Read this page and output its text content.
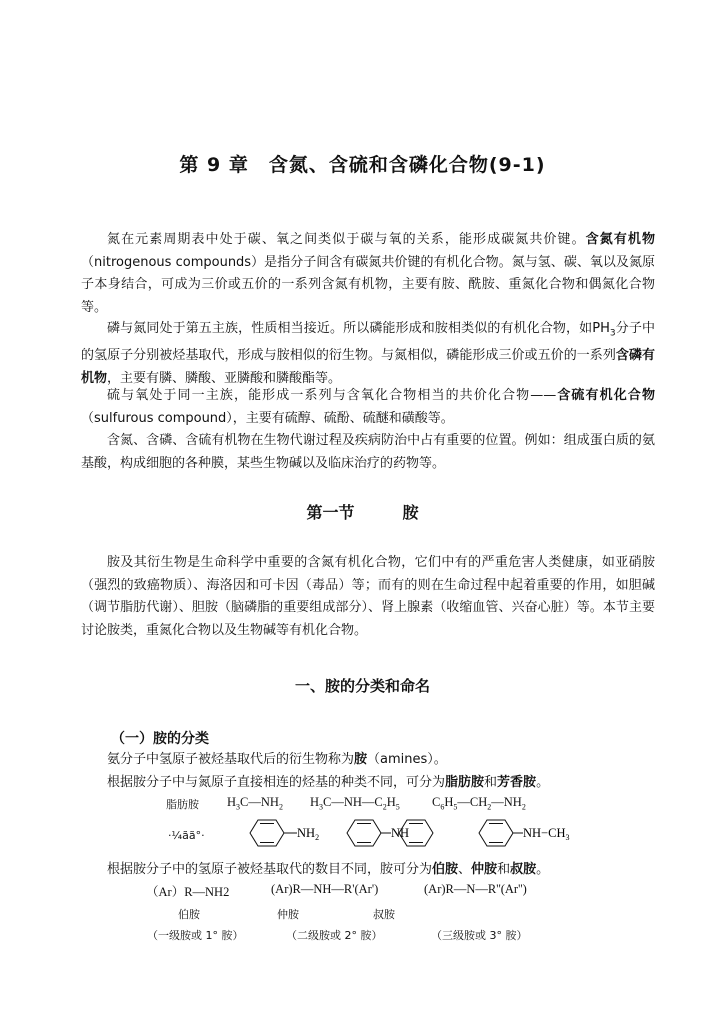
第 9 章　含氮、含硫和含磷化合物(9-1)

氮在元素周期表中处于碳、氧之间类似于碳与氧的关系，能形成碳氮共价键。含氮有机物（nitrogenous compounds）是指分子间含有碳氮共价键的有机化合物。氮与氢、碳、氧以及氮原子本身结合，可成为三价或五价的一系列含氮有机物，主要有胺、酰胺、重氮化合物和偶氮化合物等。

磷与氮同处于第五主族，性质相当接近。所以磷能形成和胺相类似的有机化合物，如$PH_3$分子中的氢原子分别被烃基取代，形成与胺相似的衍生物。与氮相似，磷能形成三价或五价的一系列含磷有机物，主要有膦、膦酸、亚膦酸和膦酸酯等。

硫与氧处于同一主族，能形成一系列与含氧化合物相当的共价化合物——含硫有机化合物（sulfurous compound），主要有硫醇、硫酚、硫醚和磺酸等。

含氮、含磷、含硫有机物在生物代谢过程及疾病防治中占有重要的位置。例如：组成蛋白质的氨基酸，构成细胞的各种膜，某些生物碱以及临床治疗的药物等。

第一节　　　胺

胺及其衍生物是生命科学中重要的含氮有机化合物，它们中有的严重危害人类健康，如亚硝胺（强烈的致癌物质）、海洛因和可卡因（毒品）等；而有的则在生命过程中起着重要的作用，如胆碱（调节脂肪代谢）、胆胺（脑磷脂的重要组成部分）、肾上腺素（收缩血管、兴奋心脏）等。本节主要讨论胺类，重氮化合物以及生物碱等有机化合物。

一、胺的分类和命名
（一）胺的分类
氨分子中氢原子被烃基取代后的衍生物称为胺（amines）。
根据胺分子中与氮原子直接相连的烃基的种类不同，可分为脂肪胺和芳香胺。
脂肪胺 $H_3C—NH_2$ $H_3C—NH—C_2H_5$	$C_6H_5—CH_2—NH_2$
·¼ãã°·	$NH_2$	NH	$NH-CH_3$
根据胺分子中的氢原子被烃基取代的数目不同，胺可分为伯胺、仲胺和叔胺。
（Ar）R—NH2	(Ar)R—NH—R'(Ar')	(Ar)R—N—R''(Ar'')
伯胺	仲胺	叔胺
（一级胺或 1° 胺）	（二级胺或 2° 胺）	（三级胺或 3° 胺）
